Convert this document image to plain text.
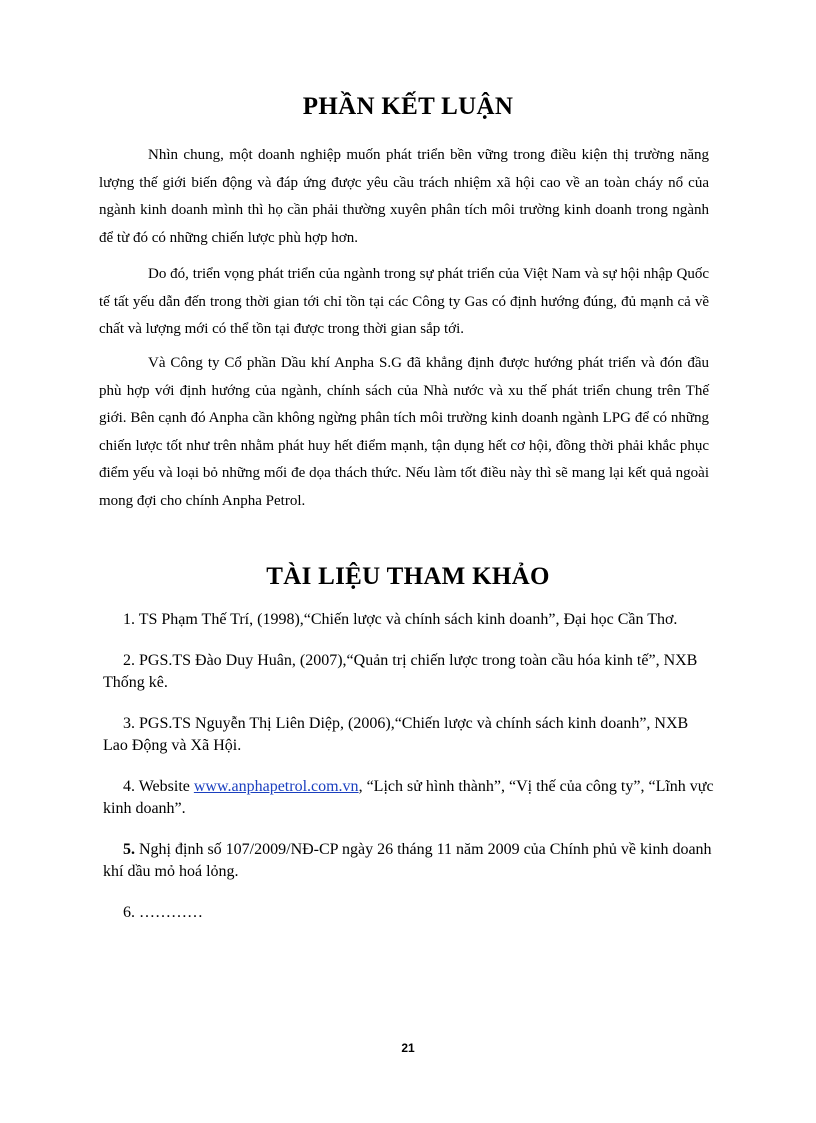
PHẦN KẾT LUẬN

Nhìn chung, một doanh nghiệp muốn phát triển bền vững trong điều kiện thị trường năng lượng thế giới biến động và đáp ứng được yêu cầu trách nhiệm xã hội cao về an toàn cháy nổ của ngành kinh doanh mình thì họ cần phải thường xuyên phân tích môi trường kinh doanh trong ngành để từ đó có những chiến lược phù hợp hơn.

Do đó, triển vọng phát triển của ngành trong sự phát triển của Việt Nam và sự hội nhập Quốc tế tất yếu dẫn đến trong thời gian tới chỉ tồn tại các Công ty Gas có định hướng đúng, đủ mạnh cả về chất và lượng mới có thể tồn tại được trong thời gian sắp tới.

Và Công ty Cổ phần Dầu khí Anpha S.G đã khẳng định được hướng phát triển và đón đầu phù hợp với định hướng của ngành, chính sách của Nhà nước và xu thế phát triển chung trên Thế giới. Bên cạnh đó Anpha cần không ngừng phân tích môi trường kinh doanh ngành LPG để có những chiến lược tốt như trên nhằm phát huy hết điểm mạnh, tận dụng hết cơ hội, đồng thời phải khắc phục điểm yếu và loại bỏ những mối đe dọa thách thức. Nếu làm tốt điều này thì sẽ mang lại kết quả ngoài mong đợi cho chính Anpha Petrol.

TÀI LIỆU THAM KHẢO
1. TS Phạm Thế Trí, (1998),“Chiến lược và chính sách kinh doanh”, Đại học Cần Thơ.
2. PGS.TS Đào Duy Huân, (2007),“Quản trị chiến lược trong toàn cầu hóa kinh tế”, NXB Thống kê.
3. PGS.TS Nguyễn Thị Liên Diệp, (2006),“Chiến lược và chính sách kinh doanh”, NXB Lao Động và Xã Hội.
4. Website www.anphapetrol.com.vn, “Lịch sử hình thành”, “Vị thế của công ty”, “Lĩnh vực kinh doanh”.
5. Nghị định số 107/2009/NĐ-CP ngày 26 tháng 11 năm 2009 của Chính phủ về kinh doanh khí dầu mỏ hoá lỏng.
6. …………
21
